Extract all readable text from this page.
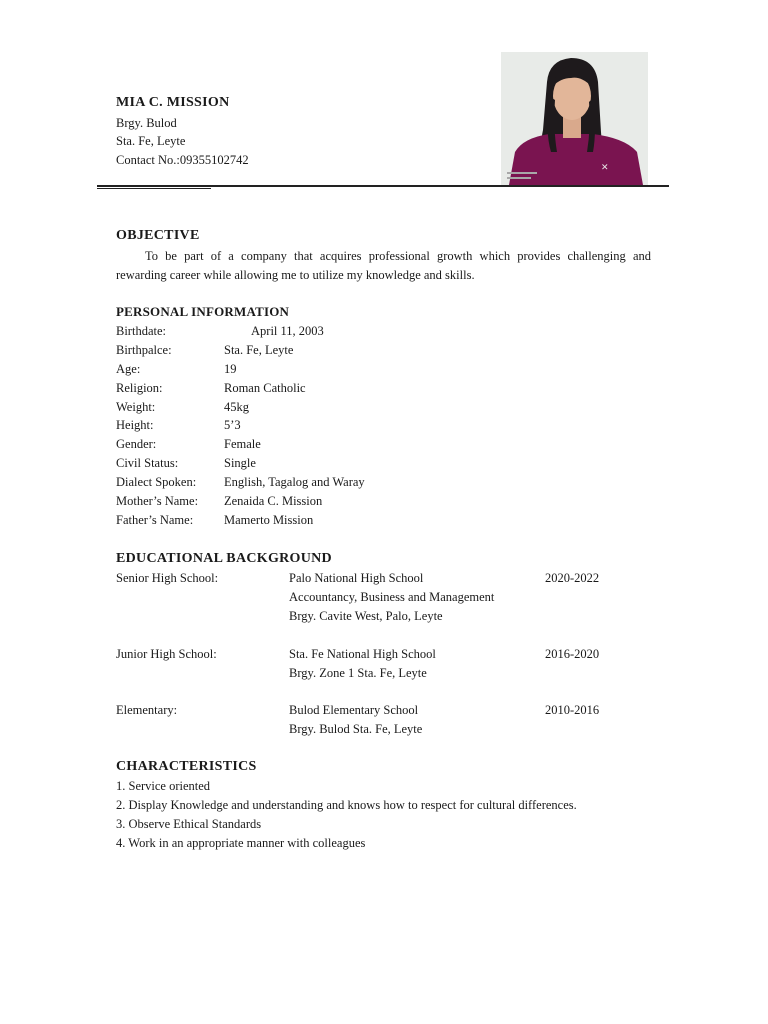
MIA C. MISSION
Brgy. Bulod
Sta. Fe, Leyte
Contact No.:09355102742
✕
OBJECTIVE
To be part of a company that acquires professional growth which provides challenging and rewarding career while allowing me to utilize my knowledge and skills.
PERSONAL INFORMATION
Birthdate:	April 11, 2003
Birthpalce:	Sta. Fe, Leyte
Age:	19
Religion:	Roman Catholic
Weight:	45kg
Height:	5’3
Gender:	Female
Civil Status:	Single
Dialect Spoken: English, Tagalog and Waray
Mother’s Name: Zenaida C. Mission
Father’s Name: Mamerto Mission
EDUCATIONAL BACKGROUND
Senior High School:	Palo National High School	2020-2022
Accountancy, Business and Management
Brgy. Cavite West, Palo, Leyte
Junior High School:	Sta. Fe National High School	2016-2020
Brgy. Zone 1 Sta. Fe, Leyte
Elementary:	Bulod Elementary School	2010-2016
Brgy. Bulod Sta. Fe, Leyte
CHARACTERISTICS
1. Service oriented
2. Display Knowledge and understanding and knows how to respect for cultural differences.
3. Observe Ethical Standards
4. Work in an appropriate manner with colleagues
